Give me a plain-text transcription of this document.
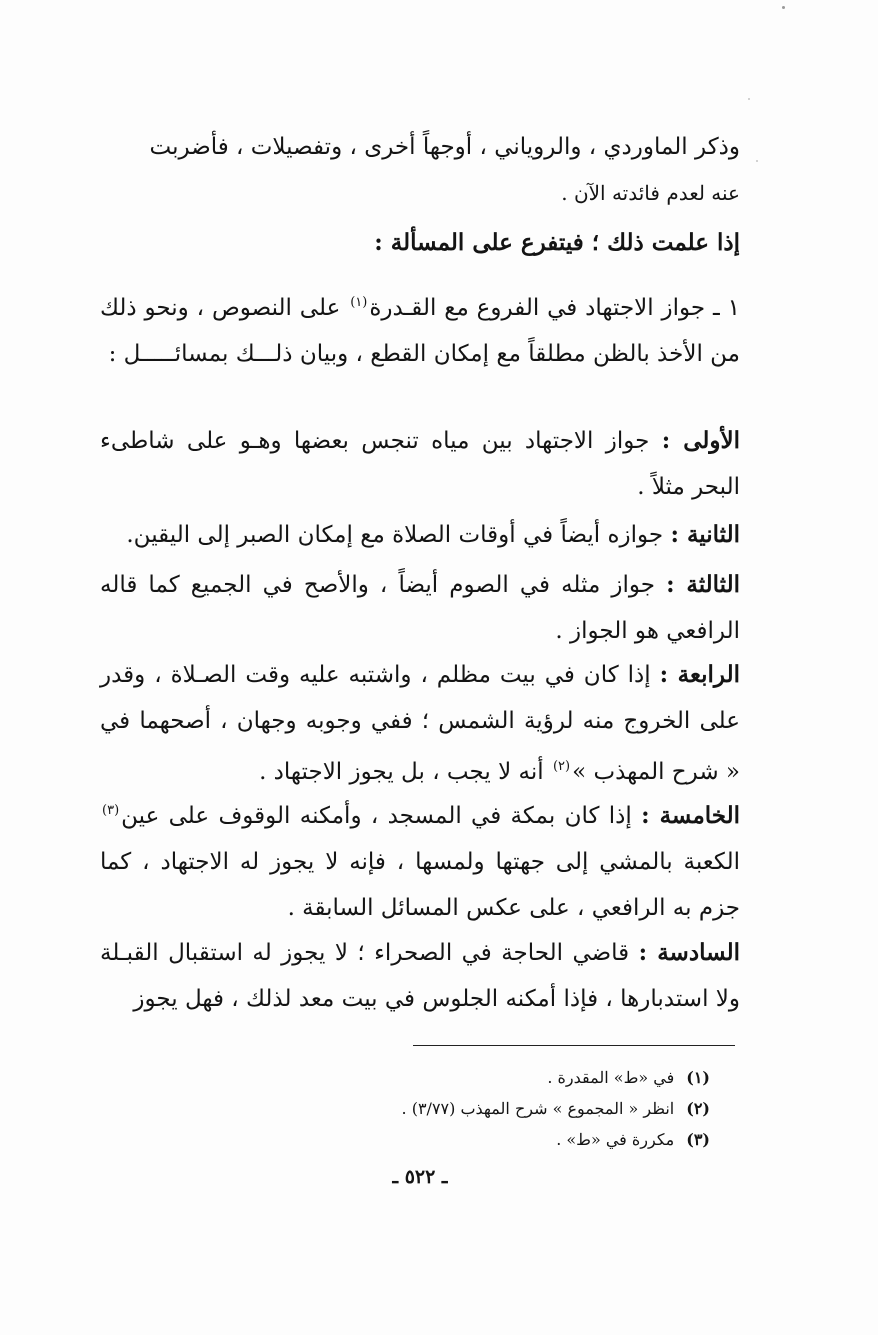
وذكر الماوردي ، والروياني ، أوجهاً أخرى ، وتفصيلات ، فأضربت

عنه لعدم فائدته الآن .

إذا علمت ذلك ؛ فيتفرع على المسألة :

١ ـ جواز الاجتهاد في الفروع مع القـدرة$^{(١)}$ على النصوص ، ونحو ذلك من الأخذ بالظن مطلقاً مع إمكان القطع ، وبيان ذلـــك بمسائـــــل :

الأولى : جواز الاجتهاد بين مياه تنجس بعضها وهـو على شاطىء البحر مثلاً .

الثانية : جوازه أيضاً في أوقات الصلاة مع إمكان الصبر إلى اليقين.

الثالثة : جواز مثله في الصوم أيضاً ، والأصح في الجميع كما قاله الرافعي هو الجواز .

الرابعة : إذا كان في بيت مظلم ، واشتبه عليه وقت الصـلاة ، وقدر على الخروج منه لرؤية الشمس ؛ ففي وجوبه وجهان ، أصحهما في « شرح المهذب »$^{(٢)}$ أنه لا يجب ، بل يجوز الاجتهاد .

الخامسة : إذا كان بمكة في المسجد ، وأمكنه الوقوف على عين$^{(٣)}$ الكعبة بالمشي إلى جهتها ولمسها ، فإنه لا يجوز له الاجتهاد ، كما جزم به الرافعي ، على عكس المسائل السابقة .

السادسة : قاضي الحاجة في الصحراء ؛ لا يجوز له استقبال القبـلة ولا استدبارها ، فإذا أمكنه الجلوس في بيت معد لذلك ، فهل يجوز

(١)في «ط» المقدرة .
(٢)انظر « المجموع » شرح المهذب (٣/٧٧) .
(٣)مكررة في «ط» .
ـ ٥٢٢ ـ
